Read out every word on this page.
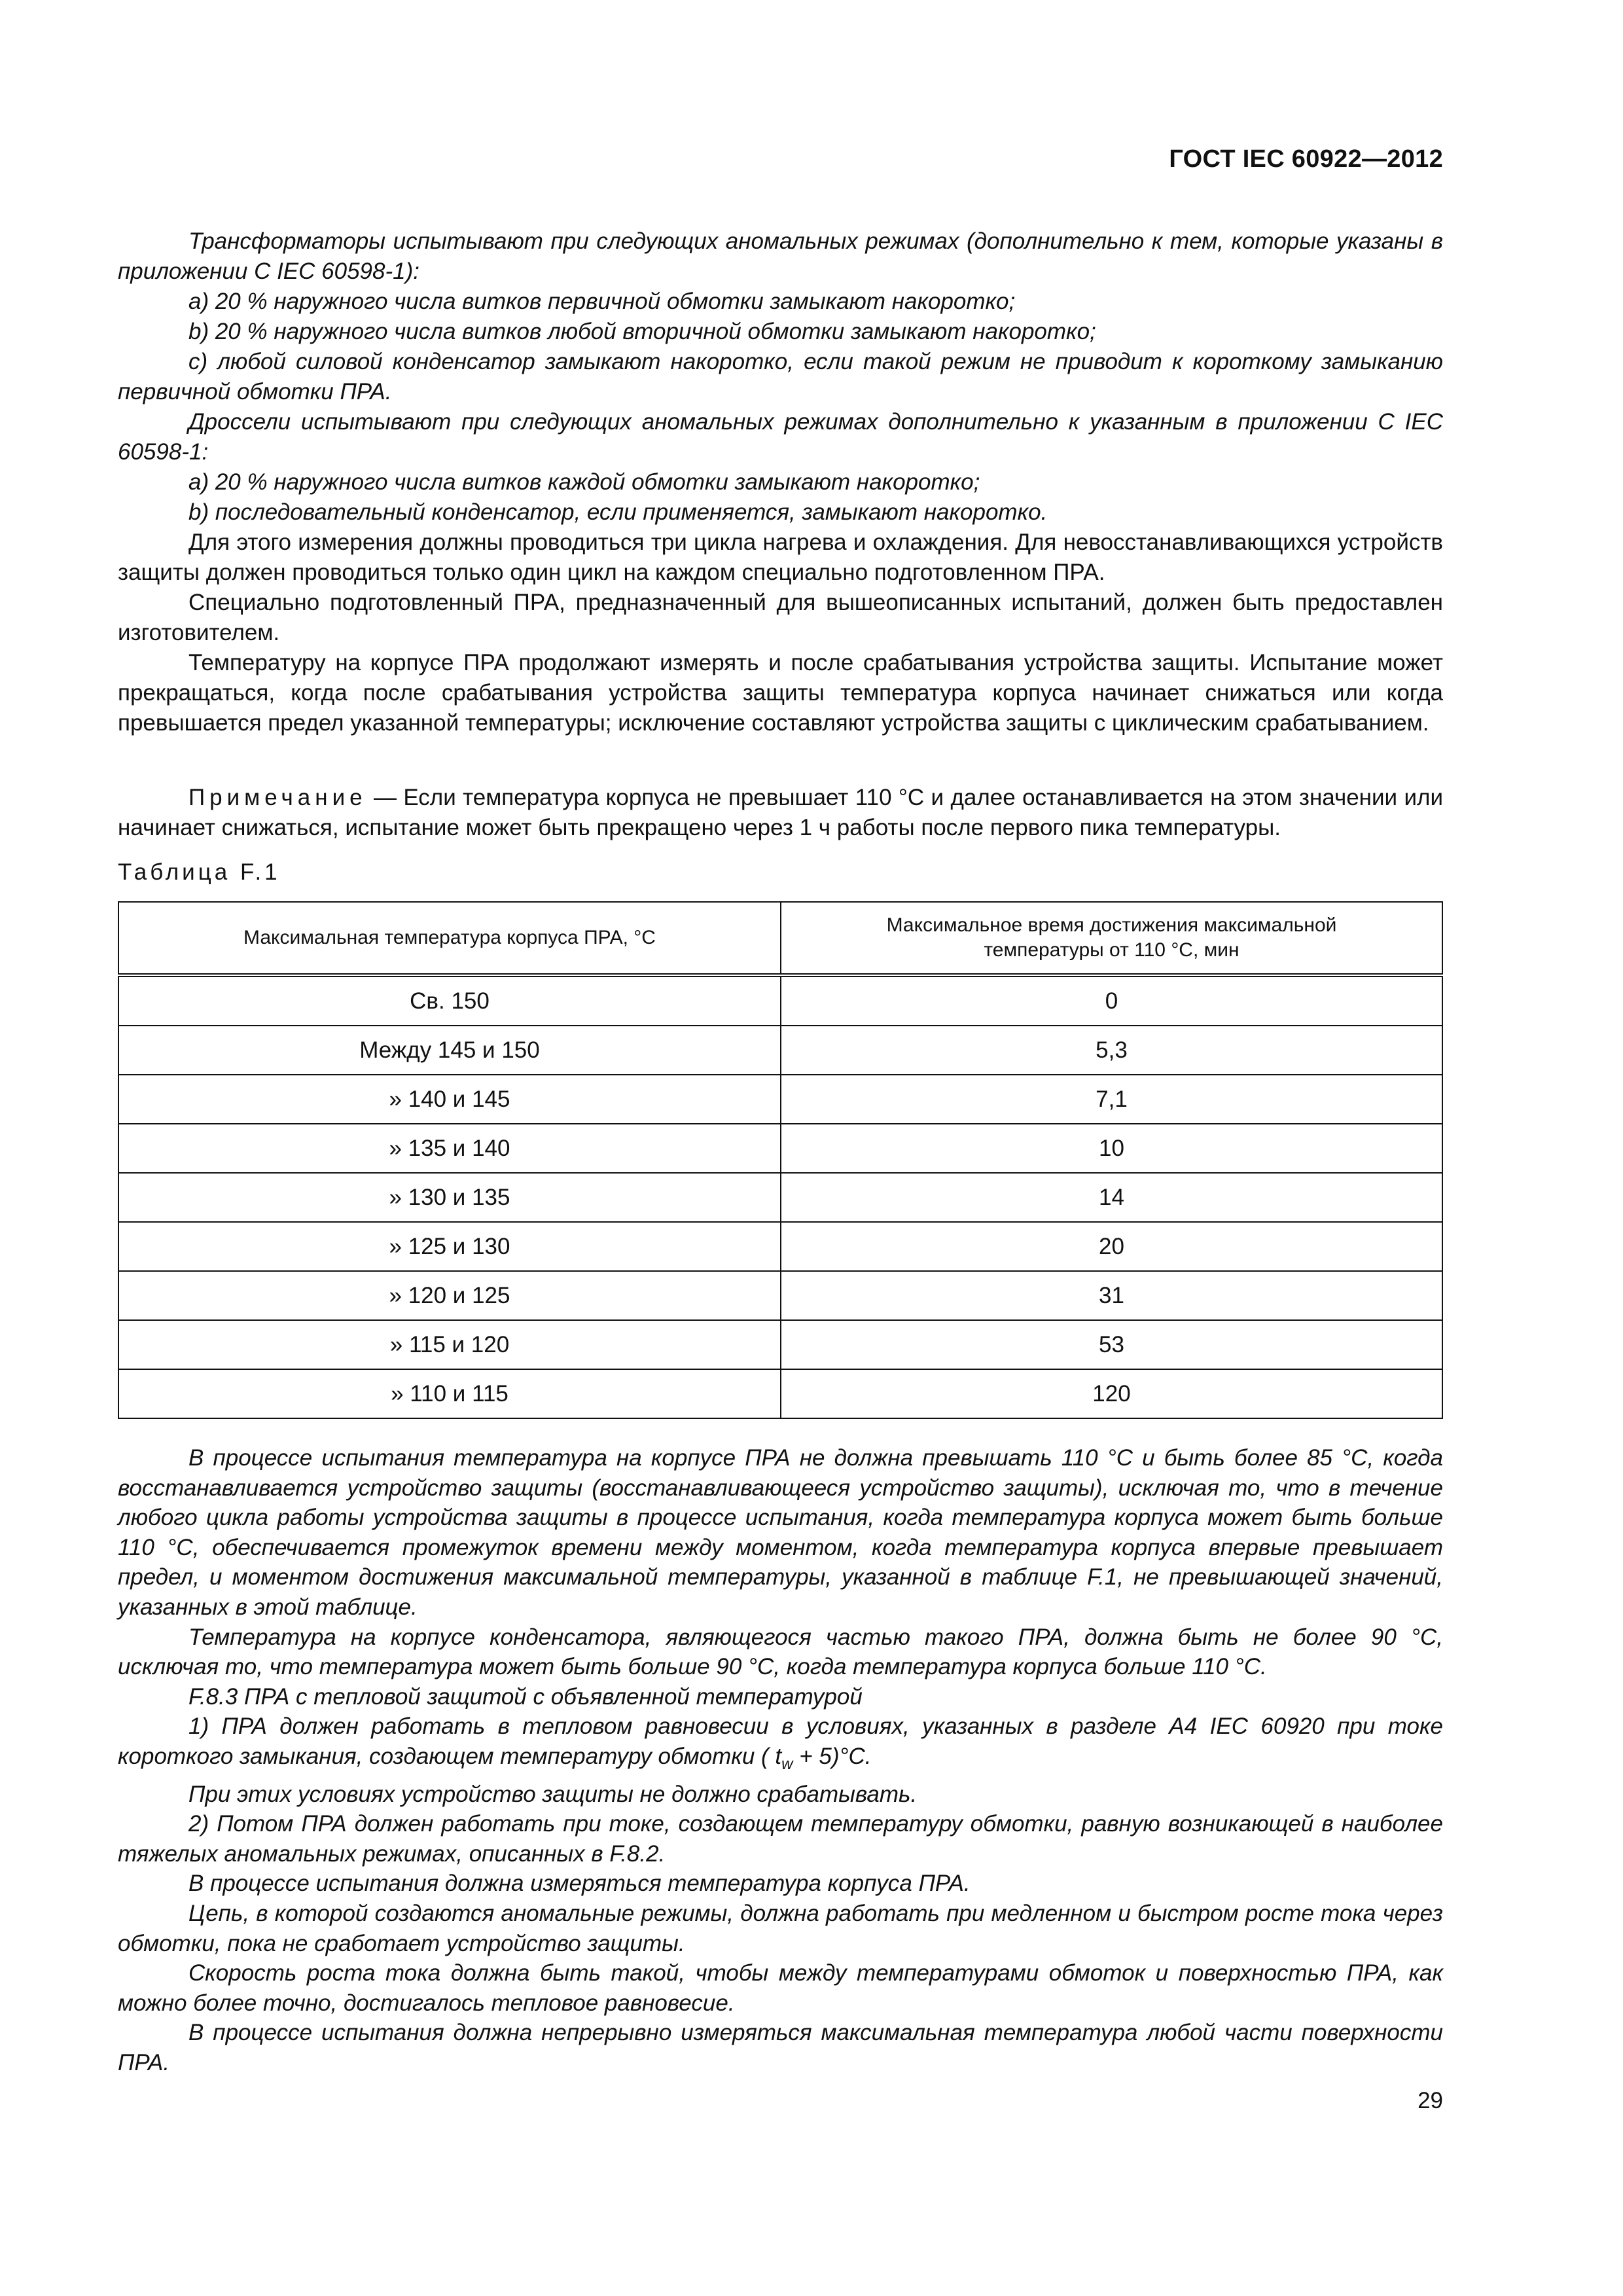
ГОСТ IEC 60922—2012

Трансформаторы испытывают при следующих аномальных режимах (дополнительно к тем, которые указаны в приложении С IEC 60598-1):

a) 20 % наружного числа витков первичной обмотки замыкают накоротко;

b) 20 % наружного числа витков любой вторичной обмотки замыкают накоротко;

c) любой силовой конденсатор замыкают накоротко, если такой режим не приводит к короткому замыканию первичной обмотки ПРА.

Дроссели испытывают при следующих аномальных режимах дополнительно к указанным в приложении С IEC 60598-1:

a) 20 % наружного числа витков каждой обмотки замыкают накоротко;

b) последовательный конденсатор, если применяется, замыкают накоротко.

Для этого измерения должны проводиться три цикла нагрева и охлаждения. Для невосстанавливающихся устройств защиты должен проводиться только один цикл на каждом специально подготовленном ПРА.

Специально подготовленный ПРА, предназначенный для вышеописанных испытаний, должен быть предоставлен изготовителем.

Температуру на корпусе ПРА продолжают измерять и после срабатывания устройства защиты. Испытание может прекращаться, когда после срабатывания устройства защиты температура корпуса начинает снижаться или когда превышается предел указанной температуры; исключение составляют устройства защиты с циклическим срабатыванием.

Примечание — Если температура корпуса не превышает 110 °С и далее останавливается на этом значении или начинает снижаться, испытание может быть прекращено через 1 ч работы после первого пика температуры.

Таблица F.1
Максимальная температура корпуса ПРА, °С	Максимальное время достижения максимальной температуры от 110 °С, мин

Св. 150	0
Между 145 и 150	5,3
» 140 и 145	7,1
» 135 и 140	10
» 130 и 135	14
» 125 и 130	20
» 120 и 125	31
» 115 и 120	53
» 110 и 115	120

В процессе испытания температура на корпусе ПРА не должна превышать 110 °С и быть более 85 °С, когда восстанавливается устройство защиты (восстанавливающееся устройство защиты), исключая то, что в течение любого цикла работы устройства защиты в процессе испытания, когда температура корпуса может быть больше 110 °С, обеспечивается промежуток времени между моментом, когда температура корпуса впервые превышает предел, и моментом достижения максимальной температуры, указанной в таблице F.1, не превышающей значений, указанных в этой таблице.

Температура на корпусе конденсатора, являющегося частью такого ПРА, должна быть не более 90 °С, исключая то, что температура может быть больше 90 °С, когда температура корпуса больше 110 °С.

F.8.3 ПРА с тепловой защитой с объявленной температурой

1) ПРА должен работать в тепловом равновесии в условиях, указанных в разделе А4 IEC 60920 при токе короткого замыкания, создающем температуру обмотки ( $t_w + 5)^\circ С$.

При этих условиях устройство защиты не должно срабатывать.

2) Потом ПРА должен работать при токе, создающем температуру обмотки, равную возникающей в наиболее тяжелых аномальных режимах, описанных в F.8.2.

В процессе испытания должна измеряться температура корпуса ПРА.

Цепь, в которой создаются аномальные режимы, должна работать при медленном и быстром росте тока через обмотки, пока не сработает устройство защиты.

Скорость роста тока должна быть такой, чтобы между температурами обмоток и поверхностью ПРА, как можно более точно, достигалось тепловое равновесие.

В процессе испытания должна непрерывно измеряться максимальная температура любой части поверхности ПРА.

29
